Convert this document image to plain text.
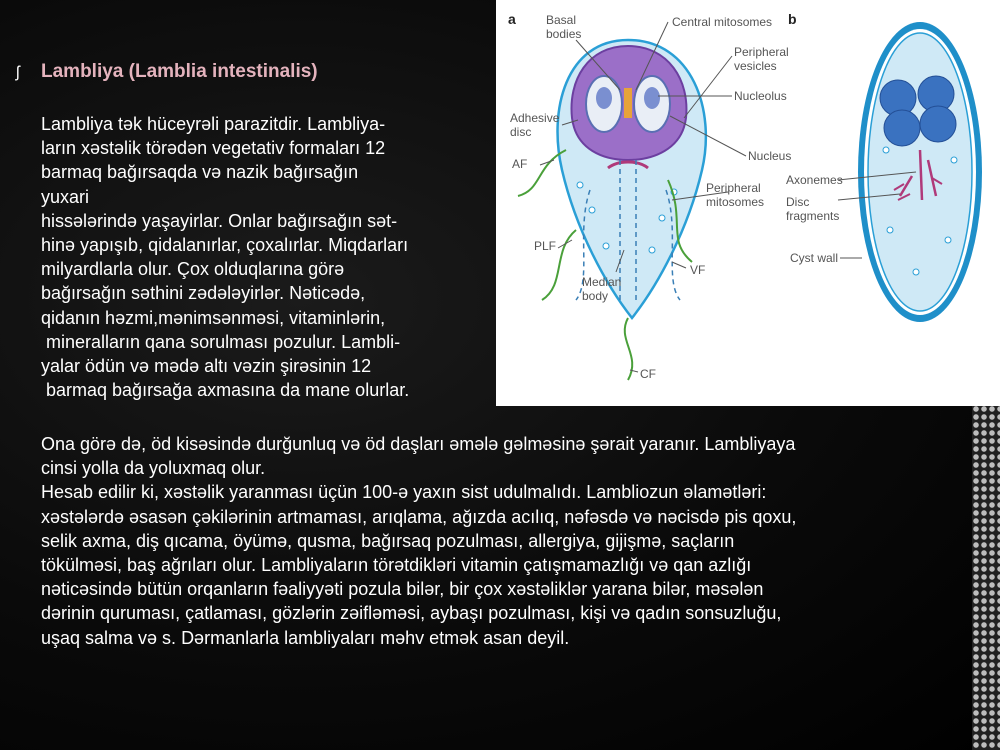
ʃ Lambliya (Lamblia intestinalis)
Lambliya tək hüceyrəli parazitdir. Lambliya-
ların xəstəlik törədən vegetativ formaları 12
barmaq bağırsaqda və nazik bağırsağın
yuxari
hissələrində yaşayirlar. Onlar bağırsağın sət-
hinə yapışıb, qidalanırlar, çoxalırlar. Miqdarları
milyardlarla olur. Çox olduqlarına görə
bağırsağın səthini zədələyirlər. Nəticədə,
qidanın həzmi,mənimsənməsi, vitaminlərin,
mineralların qana sorulması pozulur. Lambli-
yalar ödün və mədə altı vəzin şirəsinin 12
barmaq bağırsağa axmasına da mane olurlar.
Ona görə də, öd kisəsində durğunluq və öd daşları əmələ gəlməsinə şərait yaranır. Lambliyaya
cinsi yolla da yoluxmaq olur.
Hesab edilir ki, xəstəlik yaranması üçün 100-ə yaxın sist udulmalıdı. Lambliozun əlamətləri:
xəstələrdə əsasən çəkilərinin artmaması, arıqlama, ağızda acılıq, nəfəsdə və nəcisdə pis qoxu,
selik axma, diş qıcama, öyümə, qusma, bağırsaq pozulması, allergiya, gijişmə, saçların
tökülməsi, baş ağrıları olur. Lambliyaların törətdikləri vitamin çatışmamazlığı və qan azlığı
nəticəsində bütün orqanların fəaliyyəti pozula bilər, bir çox xəstəliklər yarana bilər, məsələn
dərinin quruması, çatlaması, gözlərin zəifləməsi, aybaşı pozulması, kişi və qadın sonsuzluğu,
uşaq salma və s. Dərmanlarla lambliyaları məhv etmək asan deyil.
a	b
Basal
bodies
Adhesive
disc
AF
PLF
Median
body
VF
CF
Central mitosomes
Peripheral
vesicles
Nucleolus
Nucleus
Peripheral
mitosomes
Axonemes
Disc
fragments
Cyst wall
